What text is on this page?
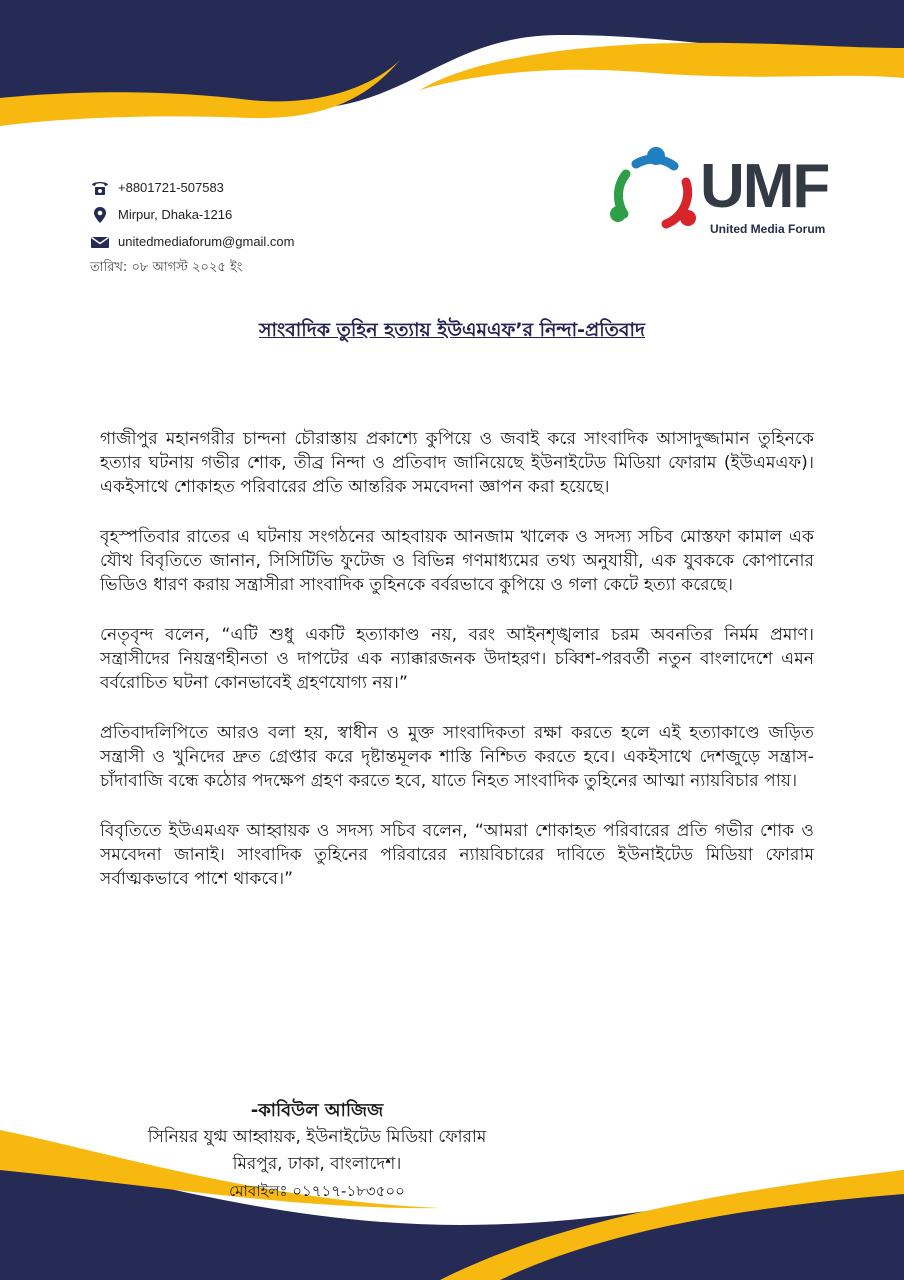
+8801721-507583
Mirpur, Dhaka-1216
unitedmediaforum@gmail.com
তারিখ: ০৮ আগস্ট ২০২৫ ইং
UMF
United Media Forum
সাংবাদিক তুহিন হত্যায় ইউএমএফ’র নিন্দা-প্রতিবাদ

গাজীপুর মহানগরীর চান্দনা চৌরাস্তায় প্রকাশ্যে কুপিয়ে ও জবাই করে সাংবাদিক আসাদুজ্জামান তুহিনকে হত্যার ঘটনায় গভীর শোক, তীব্র নিন্দা ও প্রতিবাদ জানিয়েছে ইউনাইটেড মিডিয়া ফোরাম (ইউএমএফ)। একইসাথে শোকাহত পরিবারের প্রতি আন্তরিক সমবেদনা জ্ঞাপন করা হয়েছে।

বৃহস্পতিবার রাতের এ ঘটনায় সংগঠনের আহবায়ক আনজাম খালেক ও সদস্য সচিব মোস্তফা কামাল এক যৌথ বিবৃতিতে জানান, সিসিটিভি ফুটেজ ও বিভিন্ন গণমাধ্যমের তথ্য অনুযায়ী, এক যুবককে কোপানোর ভিডিও ধারণ করায় সন্ত্রাসীরা সাংবাদিক তুহিনকে বর্বরভাবে কুপিয়ে ও গলা কেটে হত্যা করেছে।

নেতৃবৃন্দ বলেন, “এটি শুধু একটি হত্যাকাণ্ড নয়, বরং আইনশৃঙ্খলার চরম অবনতির নির্মম প্রমাণ। সন্ত্রাসীদের নিয়ন্ত্রণহীনতা ও দাপটের এক ন্যাক্কারজনক উদাহরণ। চব্বিশ-পরবর্তী নতুন বাংলাদেশে এমন বর্বরোচিত ঘটনা কোনভাবেই গ্রহণযোগ্য নয়।”

প্রতিবাদলিপিতে আরও বলা হয়, স্বাধীন ও মুক্ত সাংবাদিকতা রক্ষা করতে হলে এই হত্যাকাণ্ডে জড়িত সন্ত্রাসী ও খুনিদের দ্রুত গ্রেপ্তার করে দৃষ্টান্তমূলক শাস্তি নিশ্চিত করতে হবে। একইসাথে দেশজুড়ে সন্ত্রাস-চাঁদাবাজি বন্ধে কঠোর পদক্ষেপ গ্রহণ করতে হবে, যাতে নিহত সাংবাদিক তুহিনের আত্মা ন্যায়বিচার পায়।

বিবৃতিতে ইউএমএফ আহ্বায়ক ও সদস্য সচিব বলেন, “আমরা শোকাহত পরিবারের প্রতি গভীর শোক ও সমবেদনা জানাই। সাংবাদিক তুহিনের পরিবারের ন্যায়বিচারের দাবিতে ইউনাইটেড মিডিয়া ফোরাম সর্বাত্মকভাবে পাশে থাকবে।”

-কাবিউল আজিজ
সিনিয়র যুগ্ম আহ্বায়ক, ইউনাইটেড মিডিয়া ফোরাম
মিরপুর, ঢাকা, বাংলাদেশ।
মোবাইলঃ ০১৭১৭-১৮৩৫০০
